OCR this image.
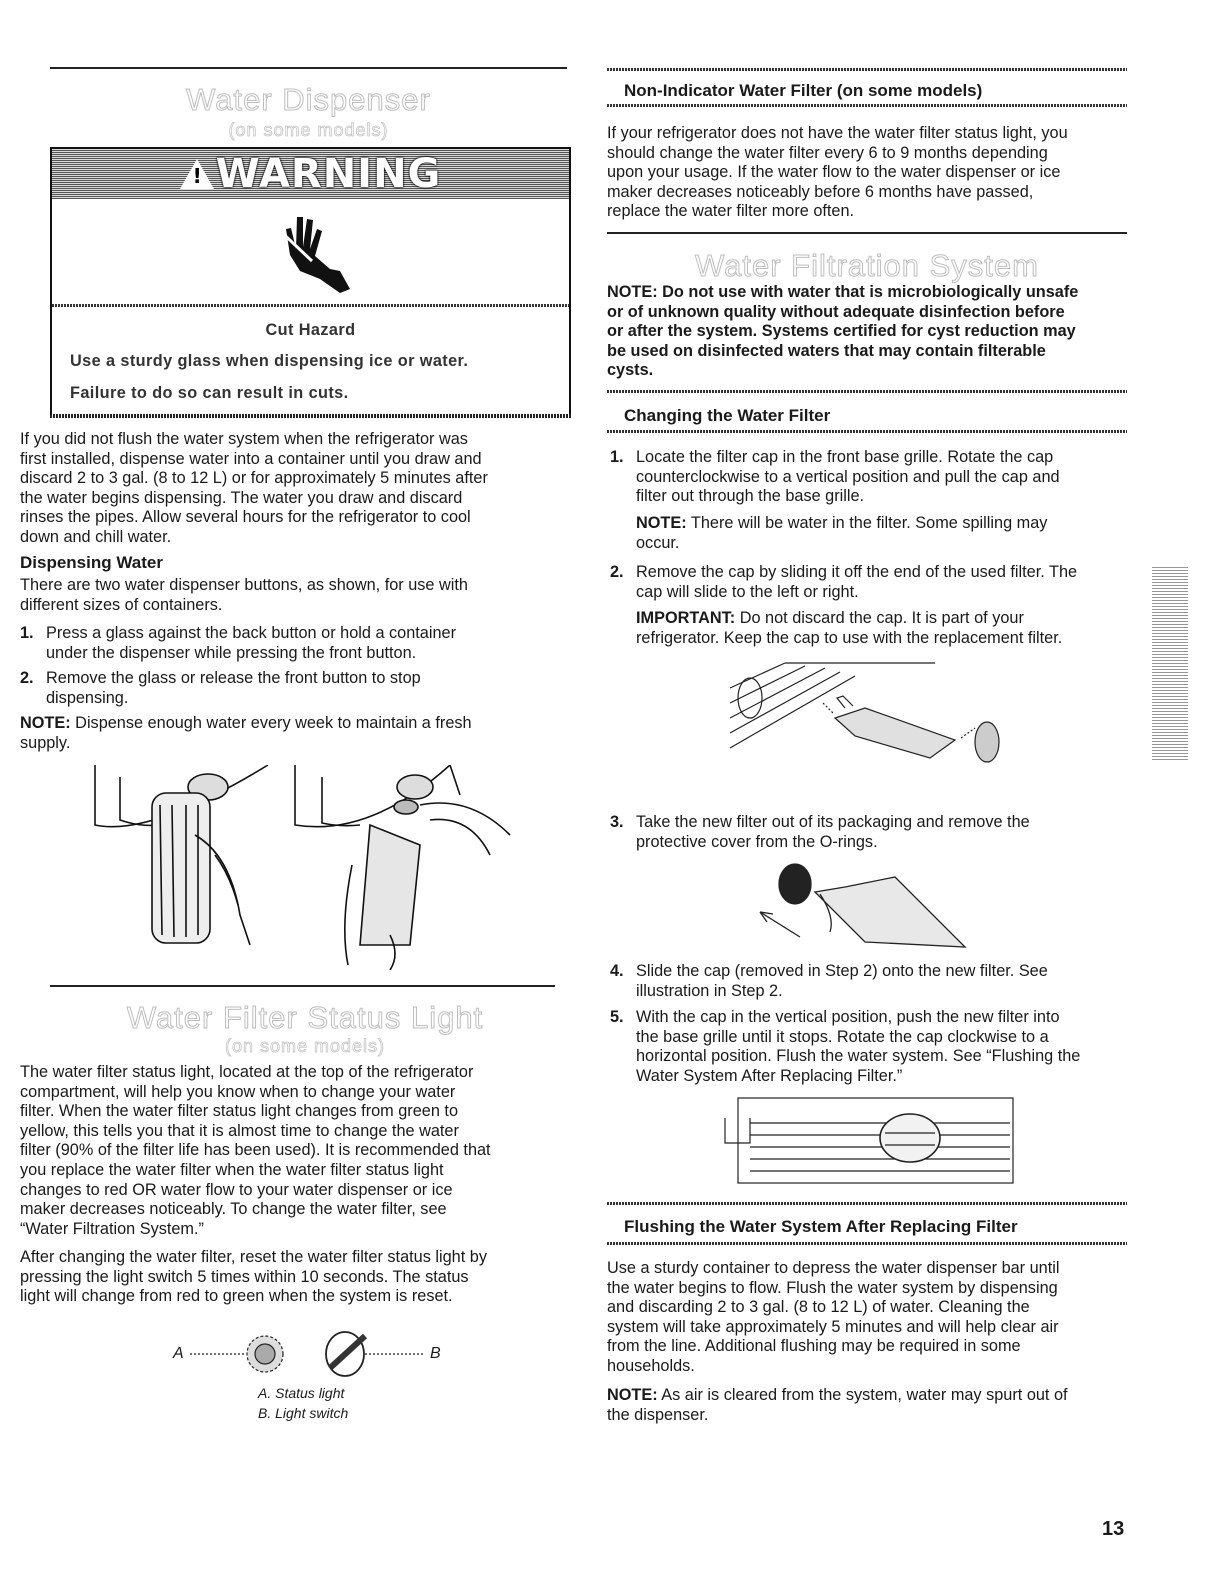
Water Dispenser
(on some models)
!
WARNING
Cut Hazard
Use a sturdy glass when dispensing ice or water.
Failure to do so can result in cuts.

If you did not flush the water system when the refrigerator was

first installed, dispense water into a container until you draw and

discard 2 to 3 gal. (8 to 12 L) or for approximately 5 minutes after

the water begins dispensing. The water you draw and discard

rinses the pipes. Allow several hours for the refrigerator to cool

down and chill water.

Dispensing Water

There are two water dispenser buttons, as shown, for use with

different sizes of containers.

1. Press a glass against the back button or hold a container
under the dispenser while pressing the front button.
2. Remove the glass or release the front button to stop
dispensing.

NOTE: Dispense enough water every week to maintain a fresh

supply.

Water Filter Status Light
(on some models)

The water filter status light, located at the top of the refrigerator

compartment, will help you know when to change your water

filter. When the water filter status light changes from green to

yellow, this tells you that it is almost time to change the water

filter (90% of the filter life has been used). It is recommended that

you replace the water filter when the water filter status light

changes to red OR water flow to your water dispenser or ice

maker decreases noticeably. To change the water filter, see

“Water Filtration System.”

After changing the water filter, reset the water filter status light by

pressing the light switch 5 times within 10 seconds. The status

light will change from red to green when the system is reset.

A	B
A. Status light
B. Light switch
Non-Indicator Water Filter (on some models)

If your refrigerator does not have the water filter status light, you

should change the water filter every 6 to 9 months depending

upon your usage. If the water flow to the water dispenser or ice

maker decreases noticeably before 6 months have passed,

replace the water filter more often.

Water Filtration System

NOTE: Do not use with water that is microbiologically unsafe

or of unknown quality without adequate disinfection before

or after the system. Systems certified for cyst reduction may

be used on disinfected waters that may contain filterable

cysts.

Changing the Water Filter
1. Locate the filter cap in the front base grille. Rotate the cap
counterclockwise to a vertical position and pull the cap and
filter out through the base grille.

NOTE: There will be water in the filter. Some spilling may

occur.

2. Remove the cap by sliding it off the end of the used filter. The
cap will slide to the left or right.

IMPORTANT: Do not discard the cap. It is part of your

refrigerator. Keep the cap to use with the replacement filter.

3. Take the new filter out of its packaging and remove the
protective cover from the O-rings.
4. Slide the cap (removed in Step 2) onto the new filter. See
illustration in Step 2.
5. With the cap in the vertical position, push the new filter into
the base grille until it stops. Rotate the cap clockwise to a
horizontal position. Flush the water system. See “Flushing the
Water System After Replacing Filter.”
Flushing the Water System After Replacing Filter

Use a sturdy container to depress the water dispenser bar until

the water begins to flow. Flush the water system by dispensing

and discarding 2 to 3 gal. (8 to 12 L) of water. Cleaning the

system will take approximately 5 minutes and will help clear air

from the line. Additional flushing may be required in some

households.

NOTE: As air is cleared from the system, water may spurt out of

the dispenser.

13
